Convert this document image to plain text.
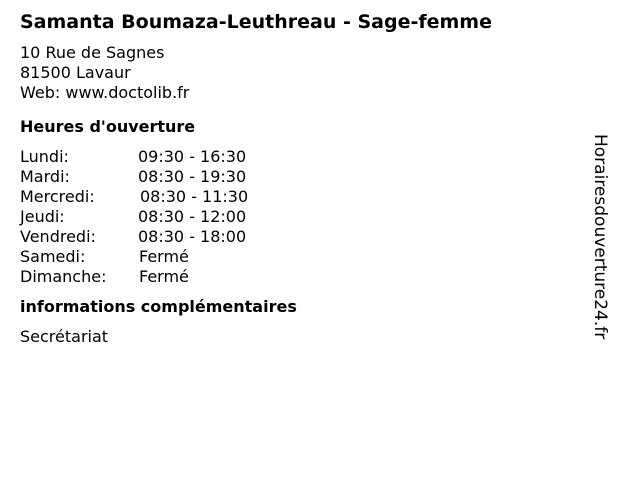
Samanta Boumaza-Leuthreau - Sage-femme
10 Rue de Sagnes
81500 Lavaur
Web: www.doctolib.fr
Heures d'ouverture
Lundi:	09:30 - 16:30
Mardi:	08:30 - 19:30
Mercredi:	08:30 - 11:30
Jeudi:	08:30 - 12:00
Vendredi:	08:30 - 18:00
Samedi:	Fermé
Dimanche: Fermé
informations complémentaires
Secrétariat	Horairesdouverture24.fr
